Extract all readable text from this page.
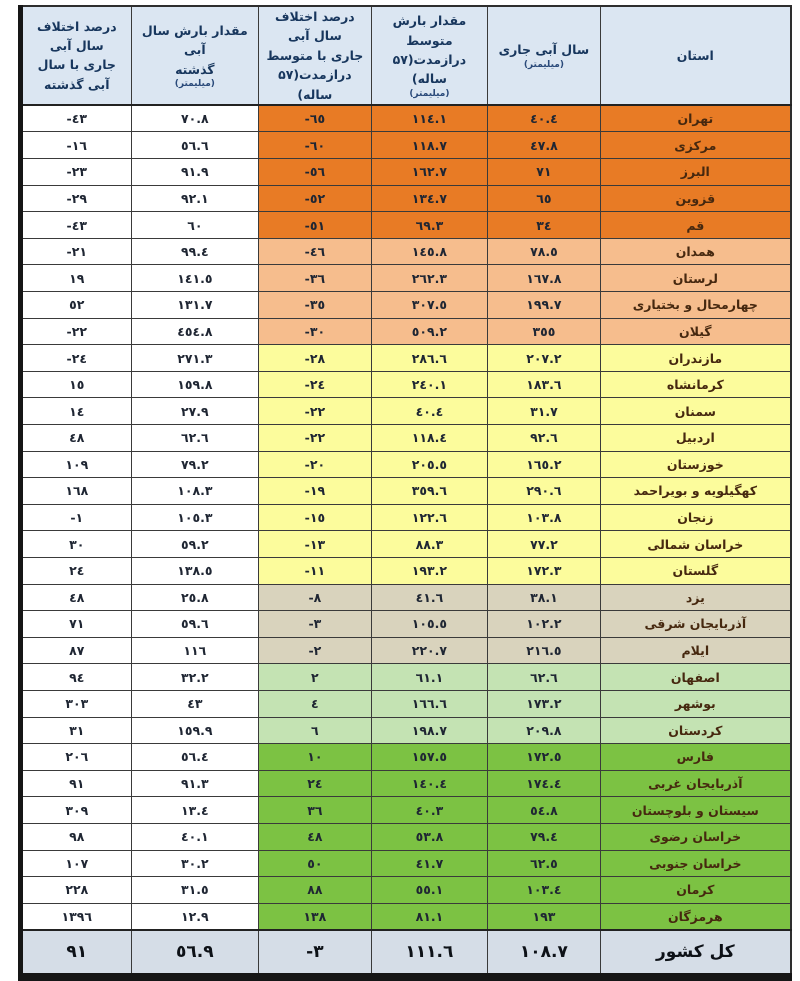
استان

سال آبی جاری
(میلیمتر)

مقدار بارش متوسط
درازمدت(۵۷ ساله)
(میلیمتر)

درصد اختلاف سال آبی
جاری با متوسط
درازمدت(۵۷ ساله)

مقدار بارش سال آبی
گذشته
(میلیمتر)

درصد اختلاف سال آبی
جاری با سال آبی گذشته

تهران	٤٠.٤	١١٤.١	-٦٥	٧٠.٨	-٤٣
مرکزی	٤٧.٨	١١٨.٧	-٦٠	٥٦.٦	-١٦
البرز	٧١	١٦٢.٧	-٥٦	٩١.٩	-٢٣
قزوین	٦٥	١٣٤.٧	-٥٢	٩٢.١	-٢٩
قم	٣٤	٦٩.٣	-٥١	٦٠	-٤٣
همدان	٧٨.٥	١٤٥.٨	-٤٦	٩٩.٤	-٢١
لرستان	١٦٧.٨	٢٦٢.٣	-٣٦	١٤١.٥	١٩
چهارمحال و بختیاری	١٩٩.٧	٣٠٧.٥	-٣٥	١٣١.٧	٥٢
گیلان	٣٥٥	٥٠٩.٢	-٣٠	٤٥٤.٨	-٢٢
مازندران	٢٠٧.٢	٢٨٦.٦	-٢٨	٢٧١.٣	-٢٤
کرمانشاه	١٨٣.٦	٢٤٠.١	-٢٤	١٥٩.٨	١٥
سمنان	٣١.٧	٤٠.٤	-٢٢	٢٧.٩	١٤
اردبیل	٩٢.٦	١١٨.٤	-٢٢	٦٢.٦	٤٨
خوزستان	١٦٥.٢	٢٠٥.٥	-٢٠	٧٩.٢	١٠٩
کهگیلویه و بویراحمد	٢٩٠.٦	٣٥٩.٦	-١٩	١٠٨.٣	١٦٨
زنجان	١٠٣.٨	١٢٢.٦	-١٥	١٠٥.٣	-١
خراسان شمالی	٧٧.٢	٨٨.٣	-١٣	٥٩.٢	٣٠
گلستان	١٧٢.٣	١٩٣.٢	-١١	١٣٨.٥	٢٤
یزد	٣٨.١	٤١.٦	-٨	٢٥.٨	٤٨
آذربایجان شرقی	١٠٢.٢	١٠٥.٥	-٣	٥٩.٦	٧١
ایلام	٢١٦.٥	٢٢٠.٧	-٢	١١٦	٨٧
اصفهان	٦٢.٦	٦١.١	٢	٣٢.٢	٩٤
بوشهر	١٧٣.٢	١٦٦.٦	٤	٤٣	٣٠٣
کردستان	٢٠٩.٨	١٩٨.٧	٦	١٥٩.٩	٣١
فارس	١٧٢.٥	١٥٧.٥	١٠	٥٦.٤	٢٠٦
آذربایجان غربی	١٧٤.٤	١٤٠.٤	٢٤	٩١.٣	٩١
سیستان و بلوچستان	٥٤.٨	٤٠.٣	٣٦	١٣.٤	٣٠٩
خراسان رضوی	٧٩.٤	٥٣.٨	٤٨	٤٠.١	٩٨
خراسان جنوبی	٦٢.٥	٤١.٧	٥٠	٣٠.٢	١٠٧
کرمان	١٠٣.٤	٥٥.١	٨٨	٣١.٥	٢٢٨
هرمزگان	١٩٣	٨١.١	١٣٨	١٢.٩	١٣٩٦
کل کشور	١٠٨.٧	١١١.٦	-٣	٥٦.٩	٩١
